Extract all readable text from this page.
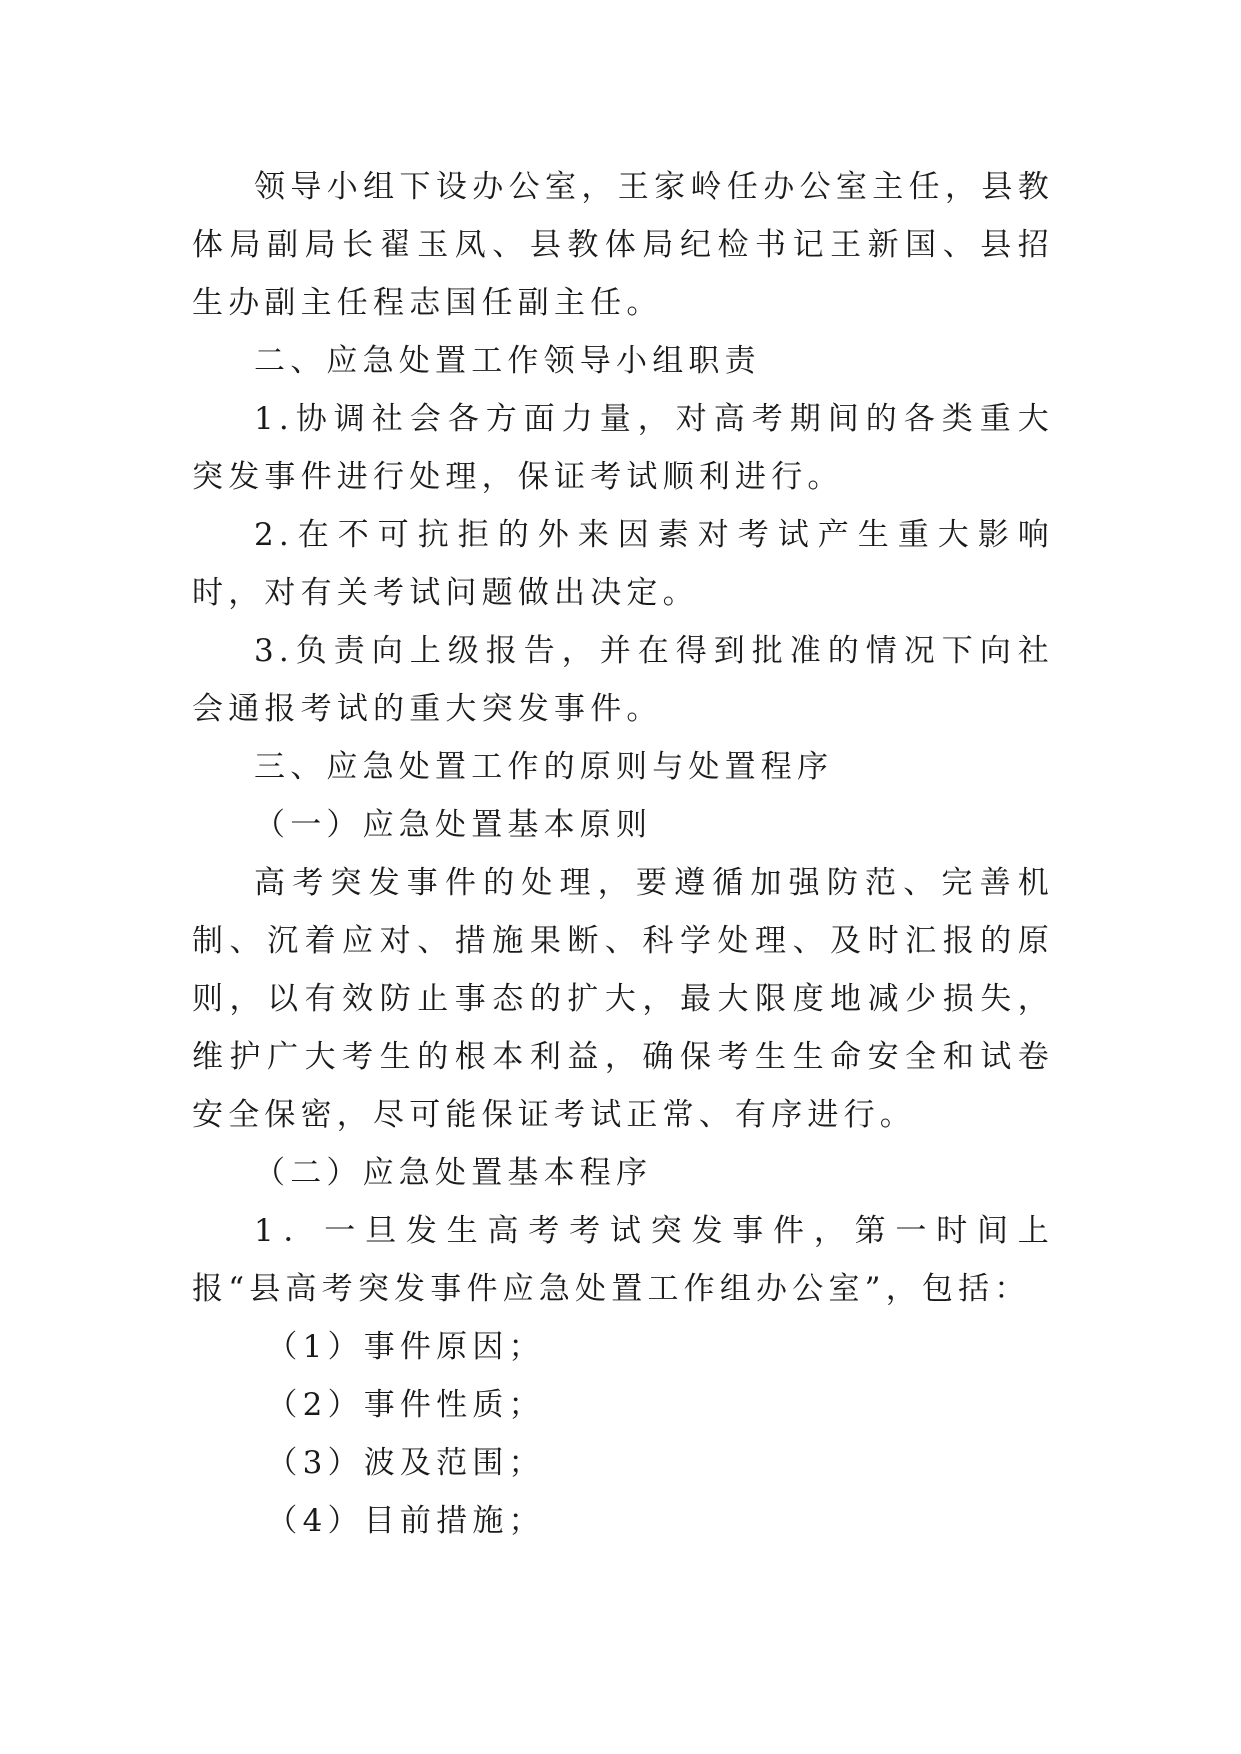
领导小组下设办公室，王家岭任办公室主任，县教体局副局长翟玉凤、县教体局纪检书记王新国、县招生办副主任程志国任副主任。

二、应急处置工作领导小组职责

1.协调社会各方面力量，对高考期间的各类重大突发事件进行处理，保证考试顺利进行。

2.在不可抗拒的外来因素对考试产生重大影响时，对有关考试问题做出决定。

3.负责向上级报告，并在得到批准的情况下向社会通报考试的重大突发事件。

三、应急处置工作的原则与处置程序

（一）应急处置基本原则

高考突发事件的处理，要遵循加强防范、完善机制、沉着应对、措施果断、科学处理、及时汇报的原则，以有效防止事态的扩大，最大限度地减少损失，维护广大考生的根本利益，确保考生生命安全和试卷安全保密，尽可能保证考试正常、有序进行。

（二）应急处置基本程序

1．一旦发生高考考试突发事件，第一时间上报“县高考突发事件应急处置工作组办公室”，包括：

（1）事件原因；

（2）事件性质；

（3）波及范围；

（4）目前措施；
